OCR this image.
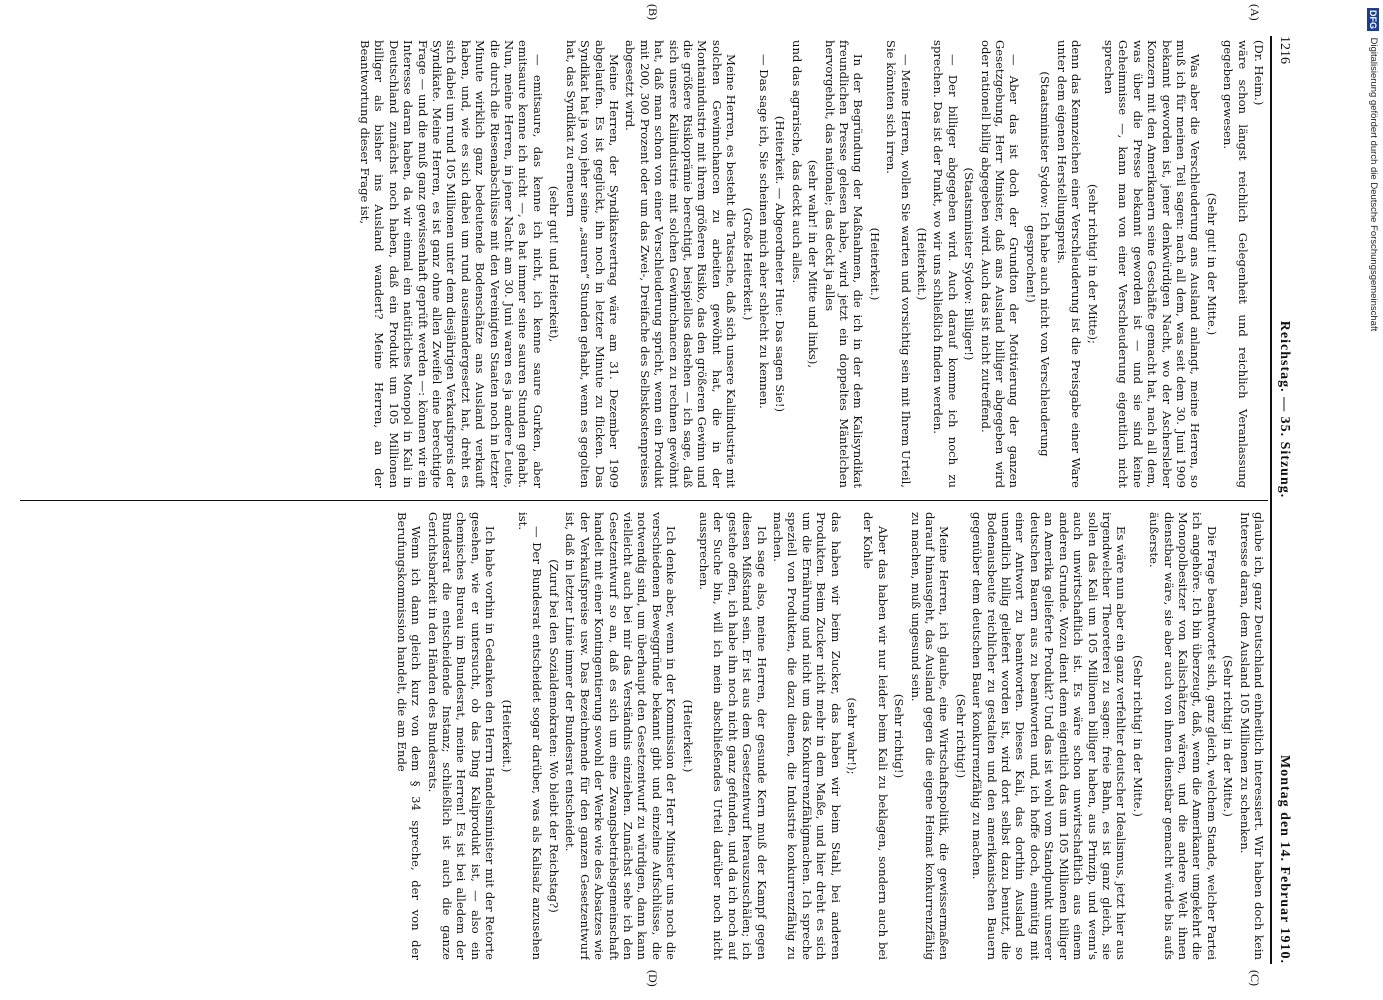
1216
Reichstag. — 35. Sitzung.
Montag den 14. Februar 1910.
(A)
(B)
(C)
(D)

(Dr. Heim.)

wäre schon längst reichlich Gelegenheit und reichlich Veranlassung gegeben gewesen.

(Sehr gut! in der Mitte.)

Was aber die Verschleuderung ans Ausland anlangt, meine Herren, so muß ich für meinen Teil sagen: nach all dem, was seit dem 30. Juni 1909 bekannt geworden ist, jener denkwürdigen Nacht, wo der Aschersleber Konzern mit den Amerikanern seine Geschäfte gemacht hat, nach all dem, was über die Presse bekannt geworden ist — und sie sind keine Geheimnisse —, kann man von einer Verschleuderung eigentlich nicht sprechen

(sehr richtig! in der Mitte);

denn das Kennzeichen einer Verschleuderung ist die Preisgabe einer Ware unter dem eigenen Herstellungspreis.

(Staatsminister Sydow: Ich habe auch nicht von Verschleuderung gesprochen!)

— Aber das ist doch der Grundton der Motivierung der ganzen Gesetzgebung, Herr Minister, daß ans Ausland billiger abgegeben wird oder rationell billig abgegeben wird. Auch das ist nicht zutreffend.

(Staatsminister Sydow: Billiger!)

— Der billiger abgegeben wird. Auch darauf komme ich noch zu sprechen. Das ist der Punkt, wo wir uns schließlich finden werden.

(Heiterkeit.)

— Meine Herren, wollen Sie warten und vorsichtig sein mit Ihrem Urteil, Sie könnten sich irren.

(Heiterkeit.)

In der Begründung der Maßnahmen, die ich in der dem Kalisyndikat freundlichen Presse gelesen habe, wird jetzt ein doppeltes Mäntelchen hervorgeholt, das nationale; das deckt ja alles

(sehr wahr! in der Mitte und links),

und das agrarische, das deckt auch alles.

(Heiterkeit. — Abgeordneter Hue: Das sagen Sie!)

— Das sage ich, Sie scheinen mich aber schlecht zu kennen.

(Große Heiterkeit.)

Meine Herren, es besteht die Tatsache, daß sich unsere Kaliindustrie mit solchen Gewinnchancen zu arbeiten gewöhnt hat, die in der Montanindustrie mit ihrem größeren Risiko, das den größeren Gewinn und die größere Risikoprämie berechtigt, beispiellos dastehen — ich sage, daß sich unsere Kaliindustrie mit solchen Gewinnchancen zu rechnen gewöhnt hat, daß man schon von einer Verschleuderung spricht, wenn ein Produkt mit 200, 300 Prozent oder um das Zwei-, Dreifache des Selbstkostenpreises abgesetzt wird.

Meine Herren, der Syndikatsvertrag wäre am 31. Dezember 1909 abgelaufen. Es ist geglückt, ihn noch in letzter Minute zu flicken. Das Syndikat hat ja von jeher seine „sauren“ Stunden gehabt, wenn es gegolten hat, das Syndikat zu erneuern

(sehr gut! und Heiterkeit),

— emitsaure, das kenne ich nicht, ich kenne saure Gurken, aber emitsaure kenne ich nicht —, es hat immer seine sauren Stunden gehabt. Nun, meine Herren, in jener Nacht am 30. Juni waren es ja andere Leute, die durch die Riesenabschlüsse mit den Vereinigten Staaten noch in letzter Minute wirklich ganz bedeutende Bodenschätze ans Ausland verkauft haben, und, wie es sich dabei um rund auseinandergesetzt hat, dreht es sich dabei um rund 105 Millionen unter dem diesjährigen Verkaufspreis der Syndikate. Meine Herren, es ist ganz ohne allen Zweifel eine berechtigte Frage — und die muß ganz gewissenhaft geprüft werden —: können wir ein Interesse daran haben, da wir einmal ein natürliches Monopol in Kali in Deutschland zunächst noch haben, daß ein Produkt um 105 Millionen billiger als bisher ins Ausland wandert? Meine Herren, an der Beantwortung dieser Frage ist,

glaube ich, ganz Deutschland einheitlich interessiert. Wir haben doch kein Interesse daran, dem Ausland 105 Millionen zu schenken.

(Sehr richtig! in der Mitte.)

Die Frage beantwortet sich, ganz gleich, welchem Stande, welcher Partei ich angehöre. Ich bin überzeugt, daß, wenn die Amerikaner umgekehrt die Monopolbesitzer von Kalischätzen wären, und die andere Welt ihnen dienstbar wäre, sie aber auch von ihnen dienstbar gemacht würde bis aufs äußerste.

(Sehr richtig! in der Mitte.)

Es wäre nun aber ein ganz verfehlter deutscher Idealismus, jetzt hier aus irgendwelcher Theoreterei zu sagen: freie Bahn, es ist ganz gleich, sie sollen das Kali um 105 Millionen billiger haben, aus Prinzip, und wenn's auch unwirtschaftlich ist. Es wäre schon unwirtschaftlich aus einem anderen Grunde. Wozu dient denn eigentlich das um 105 Millionen billiger an Amerika gelieferte Produkt? Und das ist wohl vom Standpunkt unserer deutschen Bauern aus zu beantworten und, ich hoffe doch, einmütig mit einer Antwort zu beantworten. Dieses Kali, das dorthin Ausland so unendlich billig geliefert worden ist, wird dort selbst dazu benutzt, die Bodenausbeute reichlicher zu gestalten und den amerikanischen Bauern gegenüber dem deutschen Bauer konkurrenzfähig zu machen.

(Sehr richtig!)

Meine Herren, ich glaube, eine Wirtschaftspolitik, die gewissermaßen darauf hinausgeht, das Ausland gegen die eigene Heimat konkurrenzfähig zu machen, muß ungesund sein.

(Sehr richtig!)

Aber das haben wir nur leider beim Kali zu beklagen, sondern auch bei der Kohle

(sehr wahr!);

das haben wir beim Zucker, das haben wir beim Stahl, bei anderen Produkten. Beim Zucker nicht mehr in dem Maße, und hier dreht es sich um die Ernährung und nicht um das Konkurrenzfähigmachen. Ich spreche speziell von Produkten, die dazu dienen, die Industrie konkurrenzfähig zu machen.

Ich sage also, meine Herren, der gesunde Kern muß der Kampf gegen diesen Mißstand sein. Er ist aus dem Gesetzentwurf herauszuschälen; ich gestehe offen, ich habe ihn noch nicht ganz gefunden, und da ich noch auf der Suche bin, will ich mein abschließendes Urteil darüber noch nicht aussprechen.

(Heiterkeit.)

Ich denke aber, wenn in der Kommission der Herr Minister uns noch die verschiedenen Beweggründe bekannt gibt und einzelne Aufschlüsse, die notwendig sind, um überhaupt den Gesetzentwurf zu würdigen, dann kann vielleicht auch bei mir das Verständnis einziehen. Zunächst sehe ich den Gesetzentwurf so an, daß es sich um eine Zwangsbetriebsgemeinschaft handelt mit einer Kontingentierung sowohl der Werke wie des Absatzes wie der Verkaufspreise usw. Das Bezeichnende für den ganzen Gesetzentwurf ist, daß in letzter Linie immer der Bundesrat entscheidet.

(Zuruf bei den Sozialdemokraten: Wo bleibt der Reichstag?)

— Der Bundesrat entscheidet sogar darüber, was als Kalisalz anzusehen ist.

(Heiterkeit.)

Ich habe vorhin in Gedanken den Herrn Handelsminister mit der Retorte gesehen, wie er untersucht, ob das Ding Kaliprodukt ist, — also ein chemisches Bureau im Bundesrat, meine Herren! Es ist bei alledem der Bundesrat die entscheidende Instanz; schließlich ist auch die ganze Gerichtsbarkeit in den Händen des Bundesrats.

Wenn ich dann gleich kurz von dem § 34 spreche, der von der Berufungskommission handelt, die am Ende

DFG Digitalisierung gefördert durch die Deutsche Forschungsgemeinschaft
